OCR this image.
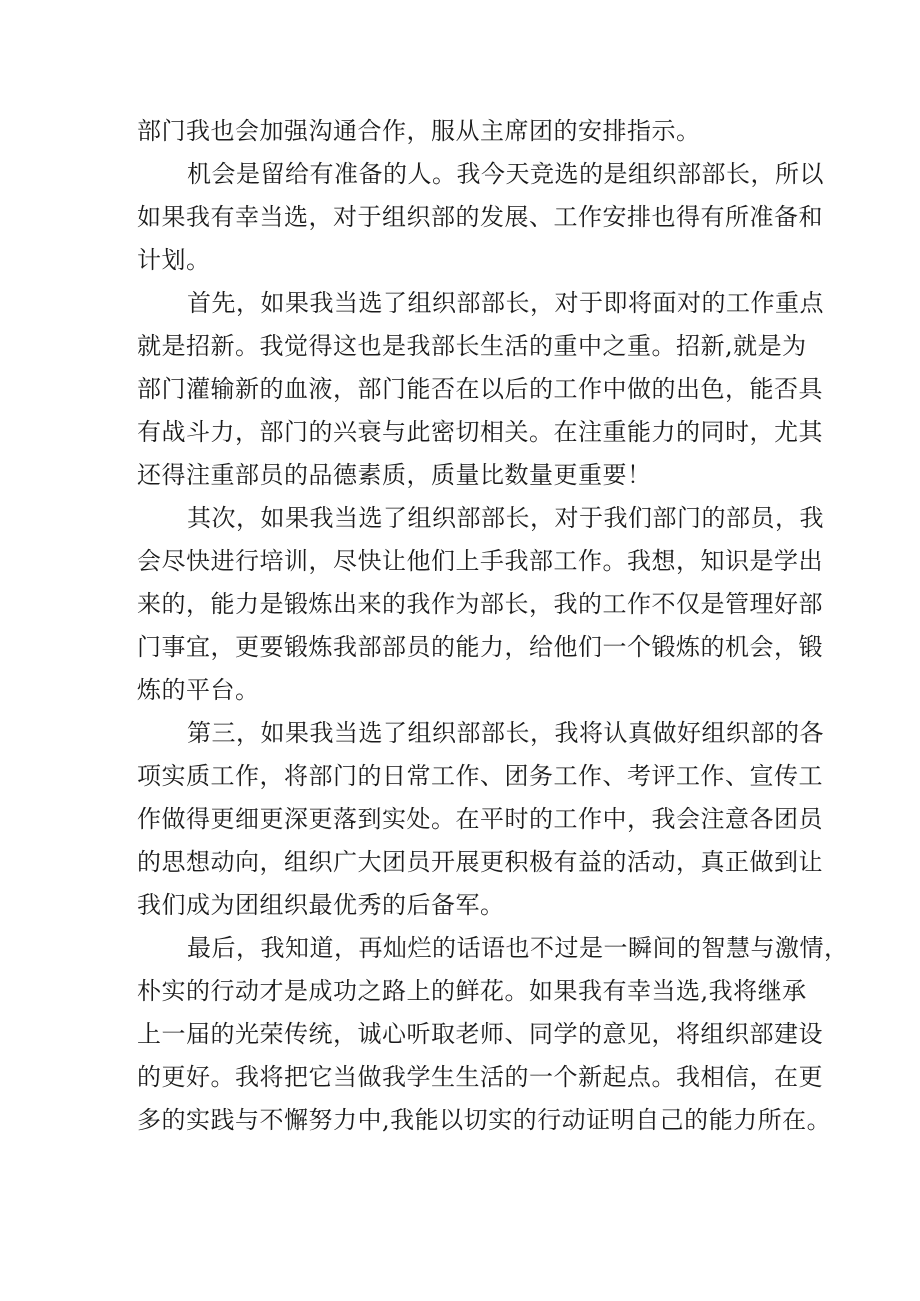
部门我也会加强沟通合作，服从主席团的安排指示。
机会是留给有准备的人。我今天竞选的是组织部部长，所以
如果我有幸当选，对于组织部的发展、工作安排也得有所准备和
计划。
首先，如果我当选了组织部部长，对于即将面对的工作重点
就是招新。我觉得这也是我部长生活的重中之重。招新,就是为
部门灌输新的血液，部门能否在以后的工作中做的出色，能否具
有战斗力，部门的兴衰与此密切相关。在注重能力的同时，尤其
还得注重部员的品德素质，质量比数量更重要！
其次，如果我当选了组织部部长，对于我们部门的部员，我
会尽快进行培训，尽快让他们上手我部工作。我想，知识是学出
来的，能力是锻炼出来的我作为部长，我的工作不仅是管理好部
门事宜，更要锻炼我部部员的能力，给他们一个锻炼的机会，锻
炼的平台。
第三，如果我当选了组织部部长，我将认真做好组织部的各
项实质工作，将部门的日常工作、团务工作、考评工作、宣传工
作做得更细更深更落到实处。在平时的工作中，我会注意各团员
的思想动向，组织广大团员开展更积极有益的活动，真正做到让
我们成为团组织最优秀的后备军。
最后，我知道，再灿烂的话语也不过是一瞬间的智慧与激情，
朴实的行动才是成功之路上的鲜花。如果我有幸当选,我将继承
上一届的光荣传统，诚心听取老师、同学的意见，将组织部建设
的更好。我将把它当做我学生生活的一个新起点。我相信，在更
多的实践与不懈努力中,我能以切实的行动证明自己的能力所在。
